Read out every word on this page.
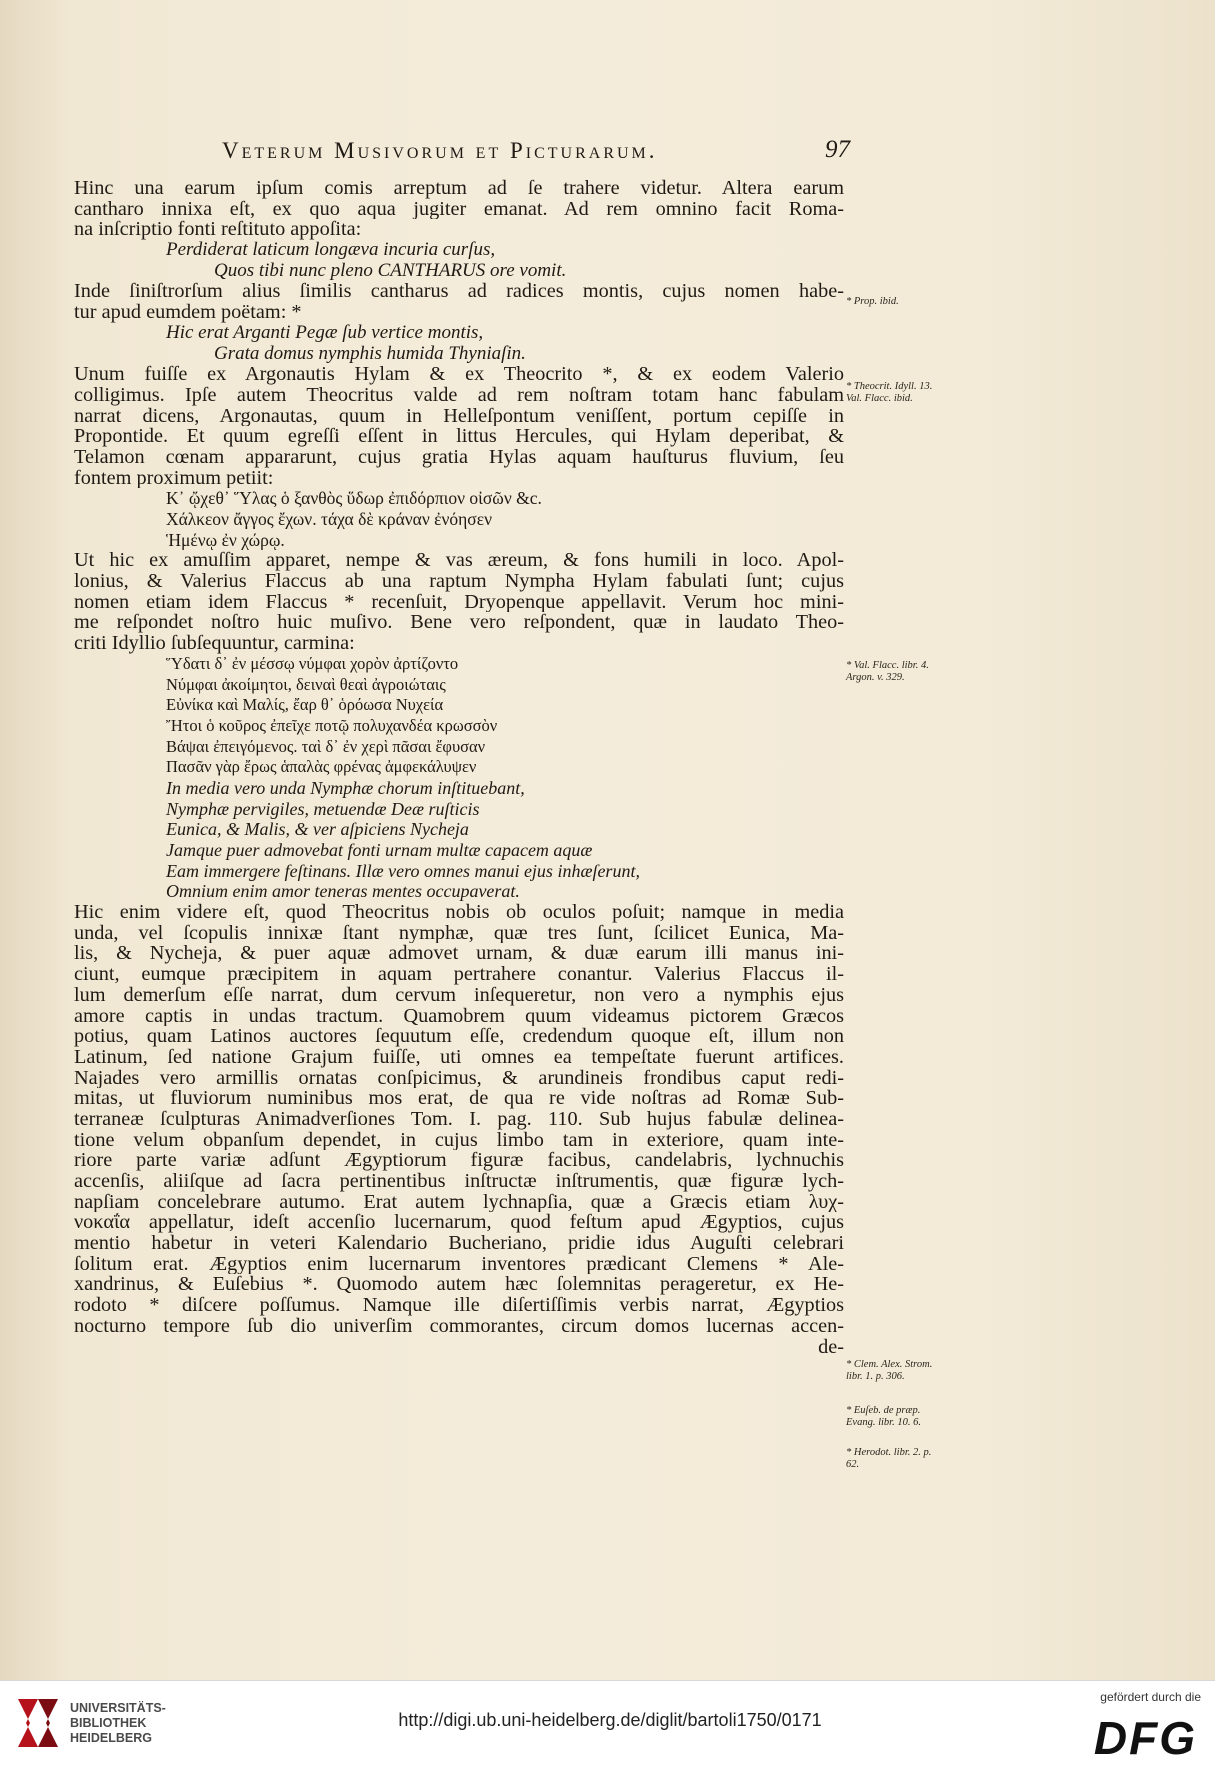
Veterum Musivorum et Picturarum.	97
Hinc una earum ipſum comis arreptum ad ſe trahere videtur. Altera earum
cantharo innixa eſt, ex quo aqua jugiter emanat. Ad rem omnino facit Roma-
na inſcriptio fonti reſtituto appoſita:
Perdiderat laticum longæva incuria curſus,
Quos tibi nunc pleno CANTHARUS ore vomit.
Inde ſiniſtrorſum alius ſimilis cantharus ad radices montis, cujus nomen habe-
tur apud eumdem poëtam: *
Hic erat Arganti Pegæ ſub vertice montis,
Grata domus nymphis humida Thyniaſin.
Unum fuiſſe ex Argonautis Hylam & ex Theocrito *, & ex eodem Valerio
colligimus. Ipſe autem Theocritus valde ad rem noſtram totam hanc fabulam
narrat dicens, Argonautas, quum in Helleſpontum veniſſent, portum cepiſſe in
Propontide. Et quum egreſſi eſſent in littus Hercules, qui Hylam deperibat, &
Telamon cœnam appararunt, cujus gratia Hylas aquam hauſturus fluvium, ſeu
fontem proximum petiit:
Κ᾽ ᾤχεθ᾽ Ὕλας ὁ ξανθὸς ὕδωρ ἐπιδόρπιον οἰσῶν &c.
Χάλκεον ἄγγος ἔχων. τάχα δὲ κράναν ἐνόησεν
Ἡμένῳ ἐν χώρῳ.
Ut hic ex amuſſim apparet, nempe & vas æreum, & fons humili in loco. Apol-
lonius, & Valerius Flaccus ab una raptum Nympha Hylam fabulati ſunt; cujus
nomen etiam idem Flaccus * recenſuit, Dryopenque appellavit. Verum hoc mini-
me reſpondet noſtro huic muſivo. Bene vero reſpondent, quæ in laudato Theo-
criti Idyllio ſubſequuntur, carmina:
Ὕδατι δ᾽ ἐν μέσσῳ νύμφαι χορὸν ἀρτίζοντο
Νύμφαι ἀκοίμητοι, δειναὶ θεαὶ ἀγροιώταις
Εὐνίκα καὶ Μαλίς, ἔαρ θ᾽ ὁρόωσα Νυχεία
Ἤτοι ὁ κοῦρος ἐπεῖχε ποτῷ πολυχανδέα κρωσσὸν
Βάψαι ἐπειγόμενος. ταὶ δ᾽ ἐν χερὶ πᾶσαι ἔφυσαν
Πασᾶν γὰρ ἔρως ἁπαλὰς φρένας ἀμφεκάλυψεν
In media vero unda Nymphæ chorum inſtituebant,
Nymphæ pervigiles, metuendæ Deæ ruſticis
Eunica, & Malis, & ver aſpiciens Nycheja
Jamque puer admovebat fonti urnam multæ capacem aquæ
Eam immergere feſtinans. Illæ vero omnes manui ejus inhæſerunt,
Omnium enim amor teneras mentes occupaverat.
Hic enim videre eſt, quod Theocritus nobis ob oculos poſuit; namque in media
unda, vel ſcopulis innixæ ſtant nymphæ, quæ tres ſunt, ſcilicet Eunica, Ma-
lis, & Nycheja, & puer aquæ admovet urnam, & duæ earum illi manus ini-
ciunt, eumque præcipitem in aquam pertrahere conantur. Valerius Flaccus il-
lum demerſum eſſe narrat, dum cervum inſequeretur, non vero a nymphis ejus
amore captis in undas tractum. Quamobrem quum videamus pictorem Græcos
potius, quam Latinos auctores ſequutum eſſe, credendum quoque eſt, illum non
Latinum, ſed natione Grajum fuiſſe, uti omnes ea tempeſtate fuerunt artifices.
Najades vero armillis ornatas conſpicimus, & arundineis frondibus caput redi-
mitas, ut fluviorum numinibus mos erat, de qua re vide noſtras ad Romæ Sub-
terraneæ ſculpturas Animadverſiones Tom. I. pag. 110. Sub hujus fabulæ delinea-
tione velum obpanſum dependet, in cujus limbo tam in exteriore, quam inte-
riore parte variæ adſunt Ægyptiorum figuræ facibus, candelabris, lychnuchis
accenſis, aliiſque ad ſacra pertinentibus inſtructæ inſtrumentis, quæ figuræ lych-
napſiam concelebrare autumo. Erat autem lychnapſia, quæ a Græcis etiam λυχ-
νοκαΐα appellatur, ideſt accenſio lucernarum, quod feſtum apud Ægyptios, cujus
mentio habetur in veteri Kalendario Bucheriano, pridie idus Auguſti celebrari
ſolitum erat. Ægyptios enim lucernarum inventores prædicant Clemens * Ale-
xandrinus, & Euſebius *. Quomodo autem hæc ſolemnitas perageretur, ex He-
rodoto * diſcere poſſumus. Namque ille diſertiſſimis verbis narrat, Ægyptios
nocturno tempore ſub dio univerſim commorantes, circum domos lucernas accen-
de-
* Prop. ibid.
* Theocrit. Idyll. 13. Val. Flacc. ibid.
* Val. Flacc. libr. 4. Argon. v. 329.
* Clem. Alex. Strom. libr. 1. p. 306.
* Euſeb. de præp. Evang. libr. 10. 6.
* Herodot. libr. 2. p. 62.
UNIVERSITÄTS-
BIBLIOTHEK
HEIDELBERG
http://digi.ub.uni-heidelberg.de/diglit/bartoli1750/0171
gefördert durch die
DFG
